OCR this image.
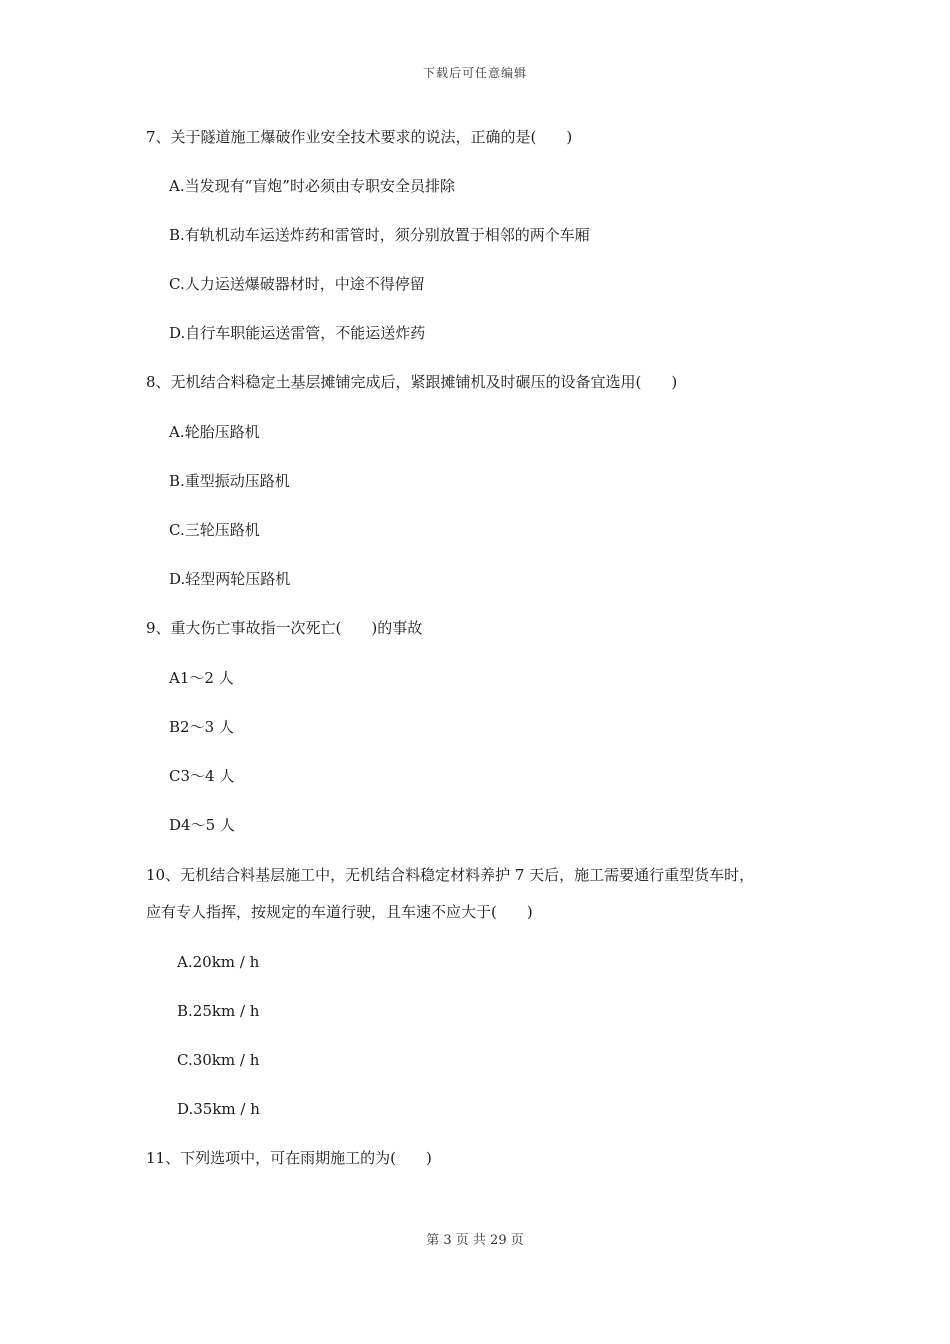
下载后可任意编辑
7、关于隧道施工爆破作业安全技术要求的说法，正确的是(　　)
A.当发现有“盲炮”时必须由专职安全员排除
B.有轨机动车运送炸药和雷管时，须分别放置于相邻的两个车厢
C.人力运送爆破器材时，中途不得停留
D.自行车职能运送雷管，不能运送炸药
8、无机结合料稳定土基层摊铺完成后，紧跟摊铺机及时碾压的设备宜选用(　　)
A.轮胎压路机
B.重型振动压路机
C.三轮压路机
D.轻型两轮压路机
9、重大伤亡事故指一次死亡(　　)的事故
A1～2 人
B2～3 人
C3～4 人
D4～5 人
10、无机结合料基层施工中，无机结合料稳定材料养护 7 天后，施工需要通行重型货车时，
应有专人指挥，按规定的车道行驶，且车速不应大于(　　)
A.20km / h
B.25km / h
C.30km / h
D.35km / h
11、下列选项中，可在雨期施工的为(　　)
第 3 页 共 29 页
